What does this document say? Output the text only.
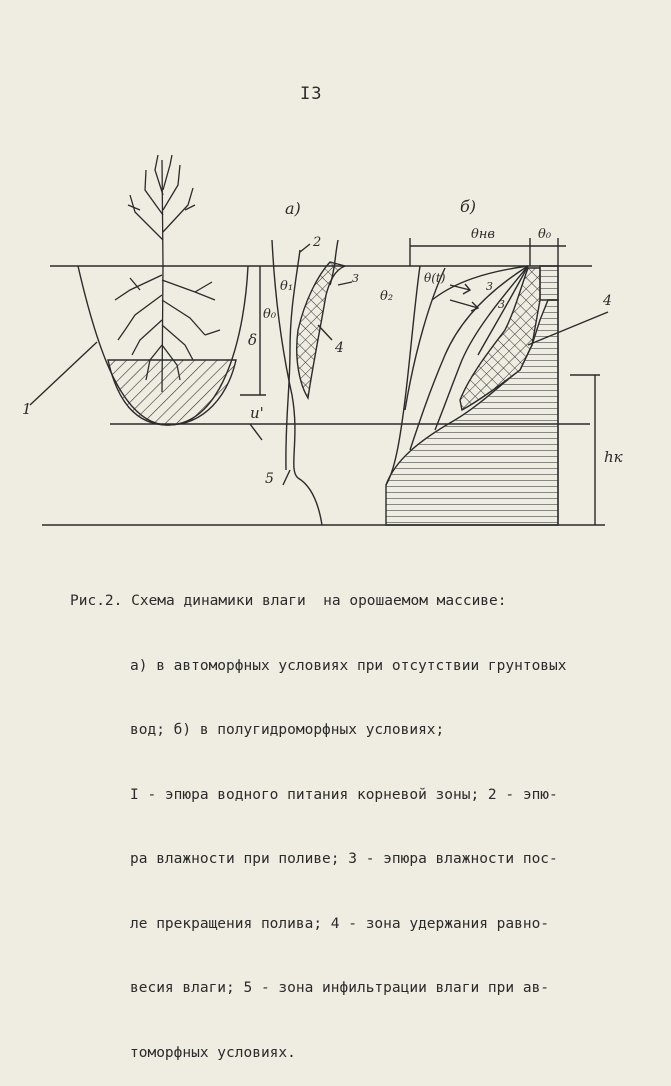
I3
1
а)	б)
2
3
4
5
δ
u'
θ₀
θ₁
θ₂
θ(t)
3
3
θнв	θ₀
4
hк

Рис.2. Схема динамики влаги  на орошаемом массиве:

а) в автоморфных условиях при отсутствии грунтовых

вод; б) в полугидроморфных условиях;

I - эпюра водного питания корневой зоны; 2 - эпю-

ра влажности при поливе; 3 - эпюра влажности пос-

ле прекращения полива; 4 - зона удержания равно-

весия влаги; 5 - зона инфильтрации влаги при ав-

томорфных условиях.
